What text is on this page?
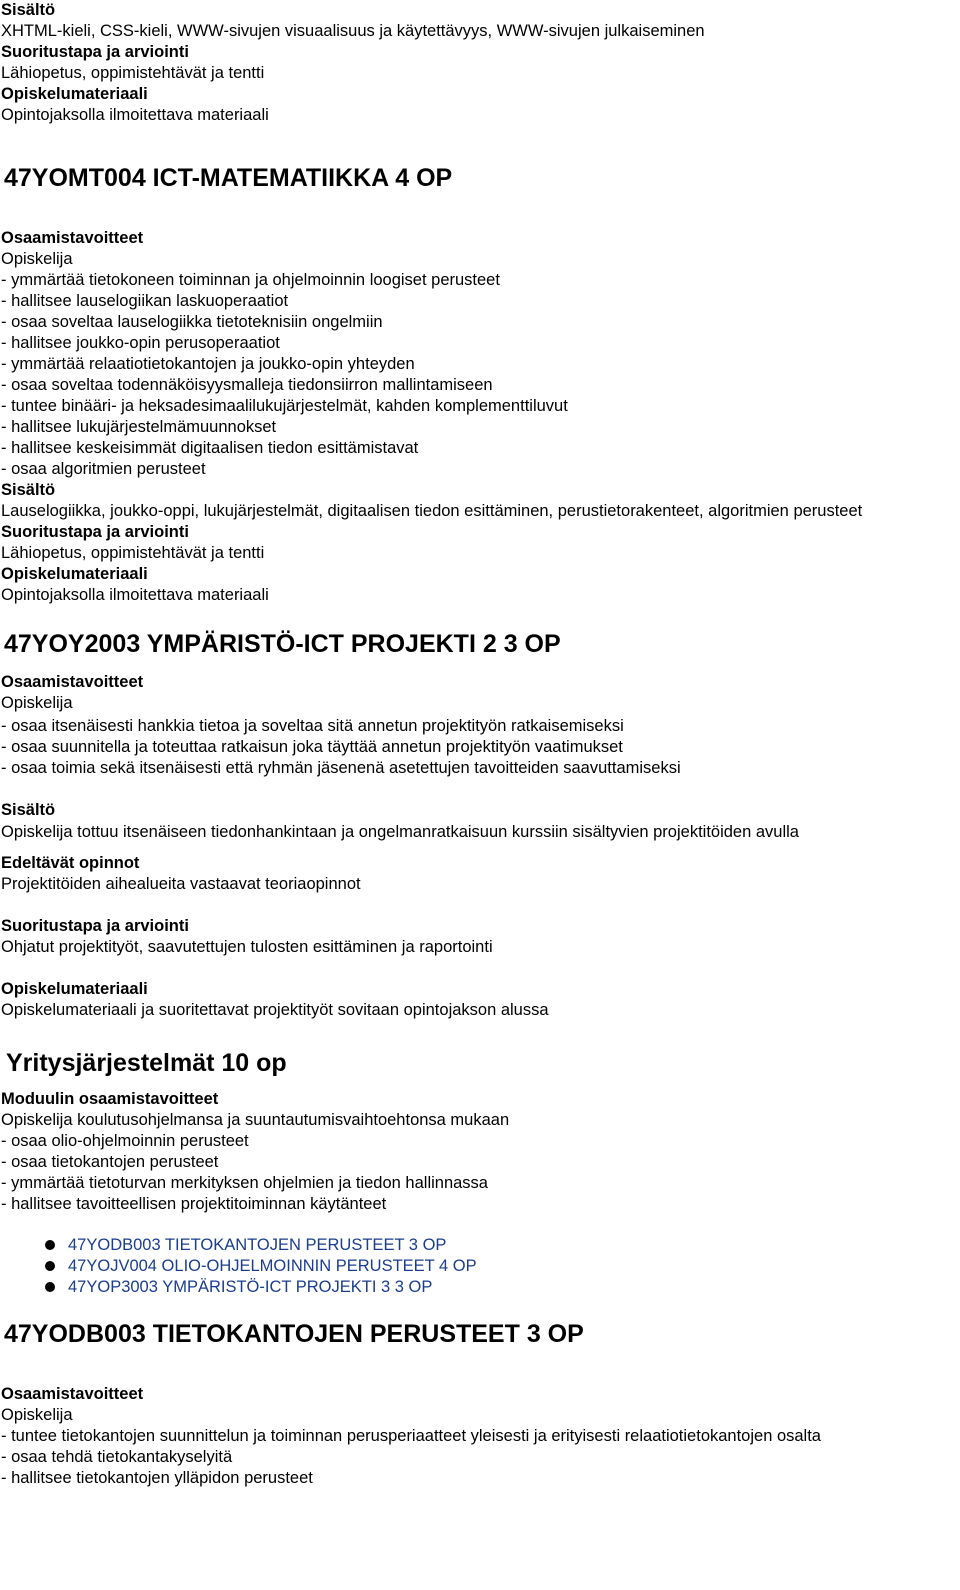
Sisältö

XHTML-kieli, CSS-kieli, WWW-sivujen visuaalisuus ja käytettävyys, WWW-sivujen julkaiseminen

Suoritustapa ja arviointi

Lähiopetus, oppimistehtävät ja tentti

Opiskelumateriaali

Opintojaksolla ilmoitettava materiaali

47YOMT004 ICT-MATEMATIIKKA 4 OP

Osaamistavoitteet

Opiskelija

- ymmärtää tietokoneen toiminnan ja ohjelmoinnin loogiset perusteet

- hallitsee lauselogiikan laskuoperaatiot

- osaa soveltaa lauselogiikka tietoteknisiin ongelmiin

- hallitsee joukko-opin perusoperaatiot

- ymmärtää relaatiotietokantojen ja joukko-opin yhteyden

- osaa soveltaa todennäköisyysmalleja tiedonsiirron mallintamiseen

- tuntee binääri- ja heksadesimaalilukujärjestelmät, kahden komplementtiluvut

- hallitsee lukujärjestelmämuunnokset

- hallitsee keskeisimmät digitaalisen tiedon esittämistavat

- osaa algoritmien perusteet

Sisältö

Lauselogiikka, joukko-oppi, lukujärjestelmät, digitaalisen tiedon esittäminen, perustietorakenteet, algoritmien perusteet

Suoritustapa ja arviointi

Lähiopetus, oppimistehtävät ja tentti

Opiskelumateriaali

Opintojaksolla ilmoitettava materiaali

47YOY2003 YMPÄRISTÖ-ICT PROJEKTI 2 3 OP

Osaamistavoitteet

Opiskelija

- osaa itsenäisesti hankkia tietoa ja soveltaa sitä annetun projektityön ratkaisemiseksi

- osaa suunnitella ja toteuttaa ratkaisun joka täyttää annetun projektityön vaatimukset

- osaa toimia sekä itsenäisesti että ryhmän jäsenenä asetettujen tavoitteiden saavuttamiseksi

Sisältö

Opiskelija tottuu itsenäiseen tiedonhankintaan ja ongelmanratkaisuun kurssiin sisältyvien projektitöiden avulla

Edeltävät opinnot

Projektitöiden aihealueita vastaavat teoriaopinnot

Suoritustapa ja arviointi

Ohjatut projektityöt, saavutettujen tulosten esittäminen ja raportointi

Opiskelumateriaali

Opiskelumateriaali ja suoritettavat projektityöt sovitaan opintojakson alussa

Yritysjärjestelmät 10 op

Moduulin osaamistavoitteet

Opiskelija koulutusohjelmansa ja suuntautumisvaihtoehtonsa mukaan

- osaa olio-ohjelmoinnin perusteet

- osaa tietokantojen perusteet

- ymmärtää tietoturvan merkityksen ohjelmien ja tiedon hallinnassa

- hallitsee tavoitteellisen projektitoiminnan käytänteet

47YODB003 TIETOKANTOJEN PERUSTEET 3 OP
47YOJV004 OLIO-OHJELMOINNIN PERUSTEET 4 OP
47YOP3003 YMPÄRISTÖ-ICT PROJEKTI 3 3 OP
47YODB003 TIETOKANTOJEN PERUSTEET 3 OP

Osaamistavoitteet

Opiskelija

- tuntee tietokantojen suunnittelun ja toiminnan perusperiaatteet yleisesti ja erityisesti relaatiotietokantojen osalta

- osaa tehdä tietokantakyselyitä

- hallitsee tietokantojen ylläpidon perusteet
